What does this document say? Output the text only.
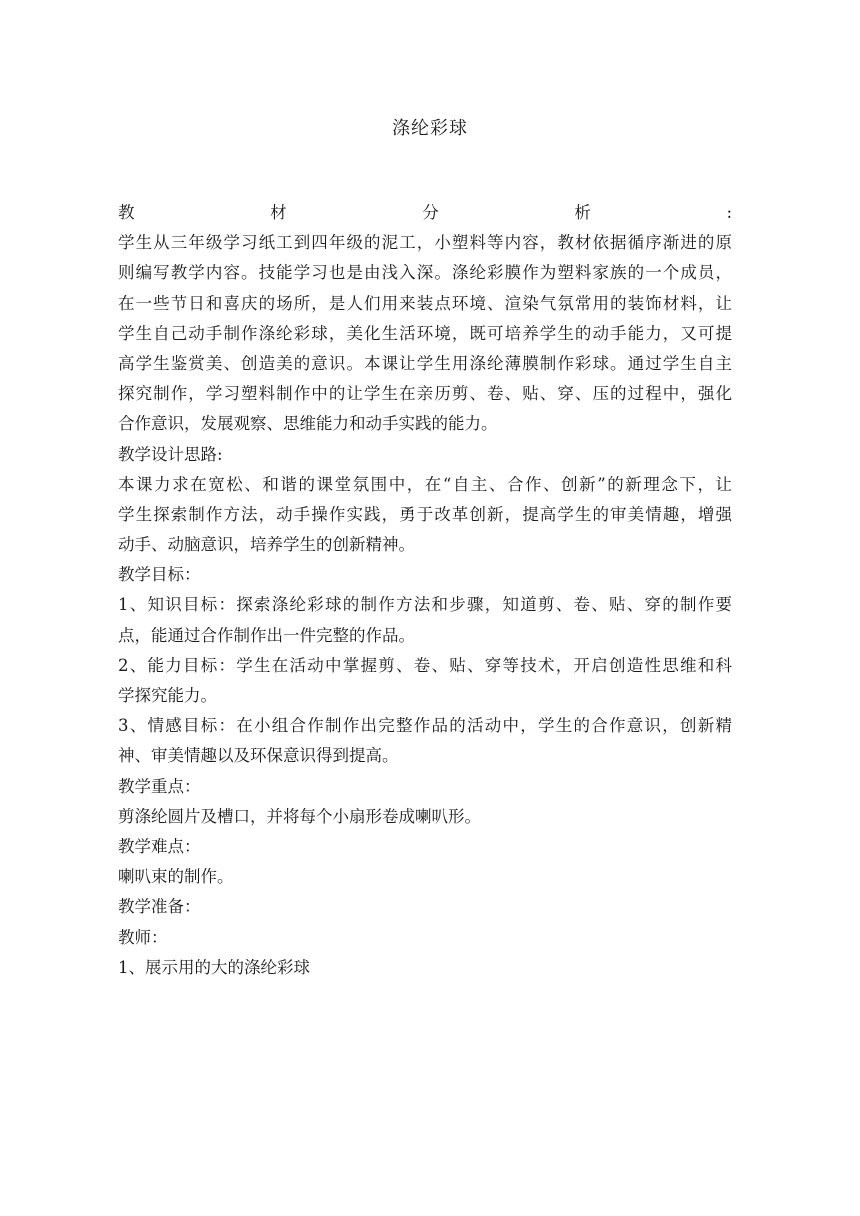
涤纶彩球
教材分析:
学生从三年级学习纸工到四年级的泥工，小塑料等内容，教材依据循序渐进的原
则编写教学内容。技能学习也是由浅入深。涤纶彩膜作为塑料家族的一个成员，
在一些节日和喜庆的场所，是人们用来装点环境、渲染气氛常用的装饰材料，让
学生自己动手制作涤纶彩球，美化生活环境，既可培养学生的动手能力，又可提
高学生鉴赏美、创造美的意识。本课让学生用涤纶薄膜制作彩球。通过学生自主
探究制作，学习塑料制作中的让学生在亲历剪、卷、贴、穿、压的过程中，强化
合作意识，发展观察、思维能力和动手实践的能力。
教学设计思路:
本课力求在宽松、和谐的课堂氛围中，在“自主、合作、创新”的新理念下，让
学生探索制作方法，动手操作实践，勇于改革创新，提高学生的审美情趣，增强
动手、动脑意识，培养学生的创新精神。
教学目标：
1、知识目标：探索涤纶彩球的制作方法和步骤，知道剪、卷、贴、穿的制作要
点，能通过合作制作出一件完整的作品。
2、能力目标：学生在活动中掌握剪、卷、贴、穿等技术，开启创造性思维和科
学探究能力。
3、情感目标：在小组合作制作出完整作品的活动中，学生的合作意识，创新精
神、审美情趣以及环保意识得到提高。
教学重点：
剪涤纶圆片及槽口，并将每个小扇形卷成喇叭形。
教学难点：
喇叭束的制作。
教学准备：
教师：
1、展示用的大的涤纶彩球
